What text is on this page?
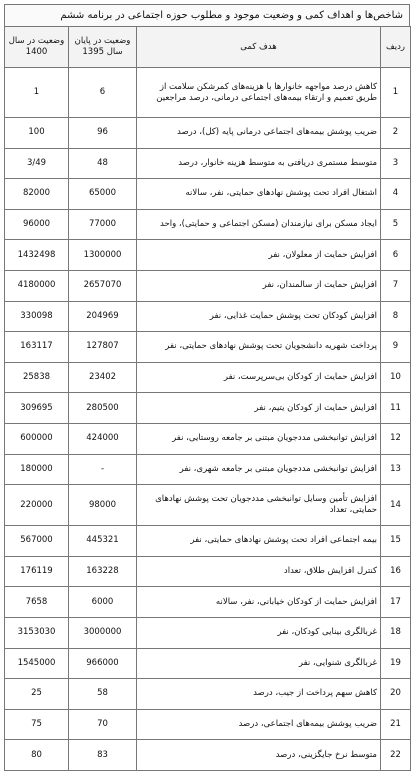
شاخص‌ها و اهداف کمی و وضعیت موجود و مطلوب حوزه اجتماعی در برنامه ششم
ردیف	هدف کمی	وضعیت در پایان سال 1395	وضعیت در سال 1400
1	کاهش درصد مواجهه خانوارها با هزینه‌های کمرشکن سلامت از طریق تعمیم و ارتقاء بیمه‌های اجتماعی درمانی، درصد مراجعین	6	1
2	ضریب پوشش بیمه‌های اجتماعی درمانی پایه (کل)، درصد	96	100
3	متوسط مستمری دریافتی به متوسط هزینه خانوار، درصد	48	3/49
4	اشتغال افراد تحت پوشش نهادهای حمایتی، نفر، سالانه	65000	82000
5	ایجاد مسکن برای نیازمندان (مسکن اجتماعی و حمایتی)، واحد	77000	96000
6	افزایش حمایت از معلولان، نفر	1300000	1432498
7	افزایش حمایت از سالمندان، نفر	2657070	4180000
8	افزایش کودکان تحت پوشش حمایت غذایی، نفر	204969	330098
9	پرداخت شهریه دانشجویان تحت پوشش نهادهای حمایتی، نفر	127807	163117
10	افزایش حمایت از کودکان بی‌سرپرست، نفر	23402	25838
11	افزایش حمایت از کودکان یتیم، نفر	280500	309695
12	افزایش توانبخشی مددجویان مبتنی بر جامعه روستایی، نفر	424000	600000
13	افزایش توانبخشی مددجویان مبتنی بر جامعه شهری، نفر	-	180000
14	افزایش تأمین وسایل توانبخشی مددجویان تحت پوشش نهادهای حمایتی، تعداد	98000	220000
15	بیمه اجتماعی افراد تحت پوشش نهادهای حمایتی، نفر	445321	567000
16	کنترل افزایش طلاق، تعداد	163228	176119
17	افزایش حمایت از کودکان خیابانی، نفر، سالانه	6000	7658
18	غربالگری بینایی کودکان، نفر	3000000	3153030
19	غربالگری شنوایی، نفر	966000	1545000
20	کاهش سهم پرداخت از جیب، درصد	58	25
21	ضریب پوشش بیمه‌های اجتماعی، درصد	70	75
22	متوسط نرخ جایگزینی، درصد	83	80
